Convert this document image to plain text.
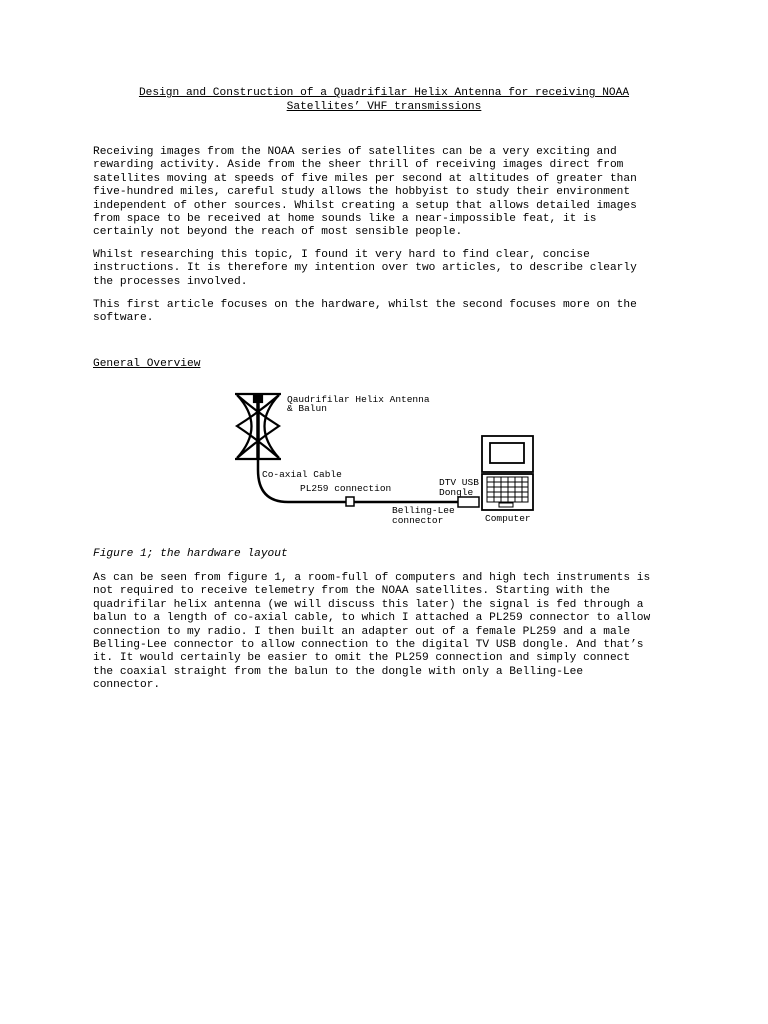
Design and Construction of a Quadrifilar Helix Antenna for receiving NOAA
Satellites’ VHF transmissions

Receiving images from the NOAA series of satellites can be a very exciting and
rewarding activity. Aside from the sheer thrill of receiving images direct from
satellites moving at speeds of five miles per second at altitudes of greater than
five-hundred miles, careful study allows the hobbyist to study their environment
independent of other sources. Whilst creating a setup that allows detailed images
from space to be received at home sounds like a near-impossible feat, it is
certainly not beyond the reach of most sensible people.

Whilst researching this topic, I found it very hard to find clear, concise
instructions. It is therefore my intention over two articles, to describe clearly
the processes involved.

This first article focuses on the hardware, whilst the second focuses more on the
software.

General Overview

Qaudrifilar Helix Antenna
& Balun
Co-axial Cable
PL259 connection
DTV USB
Dongle
Belling-Lee
connector	Computer

Figure 1; the hardware layout

As can be seen from figure 1, a room-full of computers and high tech instruments is
not required to receive telemetry from the NOAA satellites. Starting with the
quadrifilar helix antenna (we will discuss this later) the signal is fed through a
balun to a length of co-axial cable, to which I attached a PL259 connector to allow
connection to my radio. I then built an adapter out of a female PL259 and a male
Belling-Lee connector to allow connection to the digital TV USB dongle. And that’s
it. It would certainly be easier to omit the PL259 connection and simply connect
the coaxial straight from the balun to the dongle with only a Belling-Lee
connector.
